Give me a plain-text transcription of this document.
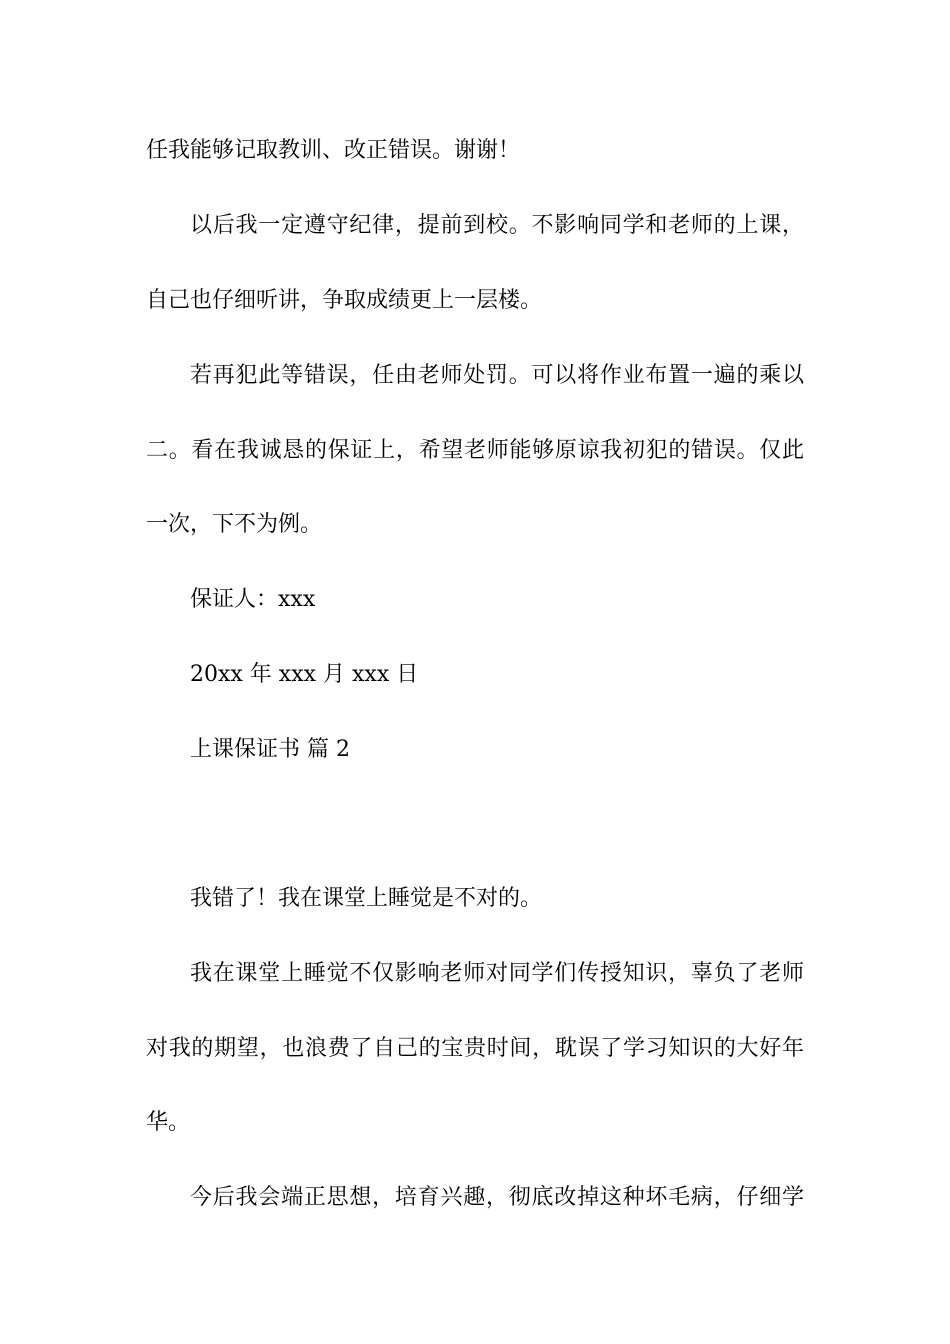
任我能够记取教训、改正错误。谢谢！
以后我一定遵守纪律，提前到校。不影响同学和老师的上课，
自己也仔细听讲，争取成绩更上一层楼。
若再犯此等错误，任由老师处罚。可以将作业布置一遍的乘以
二。看在我诚恳的保证上，希望老师能够原谅我初犯的错误。仅此
一次，下不为例。
保证人：xxx
20xx 年 xxx 月 xxx 日
上课保证书 篇 2
我错了！我在课堂上睡觉是不对的。
我在课堂上睡觉不仅影响老师对同学们传授知识，辜负了老师
对我的期望，也浪费了自己的宝贵时间，耽误了学习知识的大好年
华。
今后我会端正思想，培育兴趣，彻底改掉这种坏毛病，仔细学
